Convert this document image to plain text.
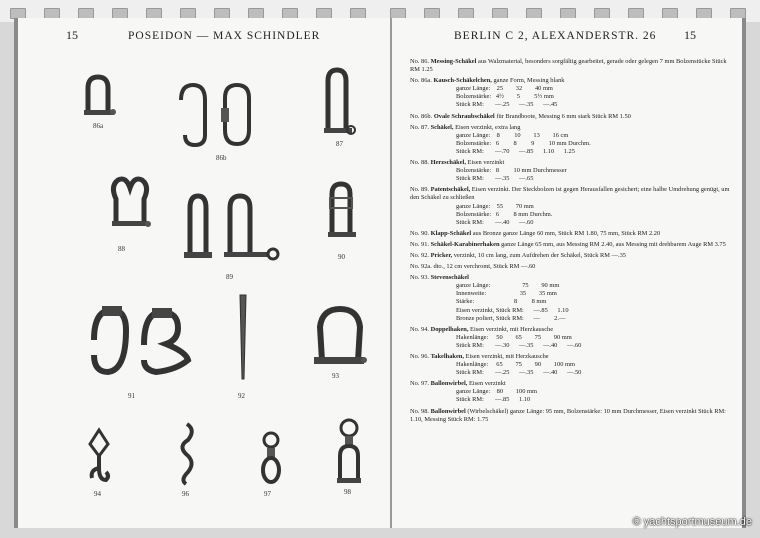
15	POSEIDON — MAX SCHINDLER
86a
86b
87
88
89
90
91	92
93
94	96	97	98
BERLIN C 2, ALEXANDERSTR. 26 15
No. 86. Messing-Schäkel aus Walzmaterial, besonders sorgfältig gearbeitet, gerade oder gelegen 7 mm Bolzenstücke Stück RM 1.25
No. 86a. Kausch-Schäkelchen, ganze Form, Messing blank
ganze Länge:    25        32        40 mm
Bolzenstärke:   4½        5         5½ mm
Stück RM:       —.25      —.35      —.45
No. 86b. Ovale Schraubschäkel für Brandboote, Messing 6 mm stark Stück RM 1.50
No. 87. Schäkel, Eisen verzinkt, extra lang
ganze Länge:    8         10        13        16 cm
Bolzenstärke:   6         8         9         10 mm Durchm.
Stück RM:       —.70      —.85      1.10      1.25
No. 88. Herzschäkel, Eisen verzinkt
Bolzenstärke:   8         10 mm Durchmesser
Stück RM:       —.35      —.65
No. 89. Patentschäkel, Eisen verzinkt. Der Steckbolzen ist gegen Herausfallen gesichert; eine halbe Umdrehung genügt, um den Schäkel zu schließen
ganze Länge:    55        70 mm
Bolzenstärke:   6         8 mm Durchm.
Stück RM:       —.40      —.60
No. 90. Klapp-Schäkel aus Bronze ganze Länge 60 mm, Stück RM 1.80, 75 mm, Stück RM 2.20
No. 91. Schäkel-Karabinerhaken ganze Länge 65 mm, aus Messing RM 2.40, aus Messing mit drehbarem Auge RM 3.75
No. 92. Pricker, verzinkt, 10 cm lang, zum Aufdrehen der Schäkel, Stück RM —.35
No. 92a. dto., 12 cm verchromt, Stück RM —.60
No. 93. Stevenschäkel
ganze Länge:                    75        90 mm
Innenweite:                     35        35 mm
Stärke:                         8         8 mm
Eisen verzinkt, Stück RM:      —.85      1.10
Bronze poliert, Stück RM:      —         2.—
No. 94. Doppelhaken, Eisen verzinkt, mit Herzkausche
Hakenlänge:     50        65        75        90 mm
Stück RM:       —.30      —.35      —.40      —.60
No. 96. Takelhaken, Eisen verzinkt, mit Herzkausche
Hakenlänge:     65        75        90        100 mm
Stück RM:       —.25      —.35      —.40      —.50
No. 97. Ballonwirbel, Eisen verzinkt
ganze Länge:    80        100 mm
Stück RM:       —.85      1.10
No. 98. Ballonwirbel (Wirbelschäkel) ganze Länge: 95 mm, Bolzenstärke: 10 mm Durchmesser, Eisen verzinkt Stück RM: 1.10, Messing Stück RM: 1.75
© yachtsportmuseum.de
